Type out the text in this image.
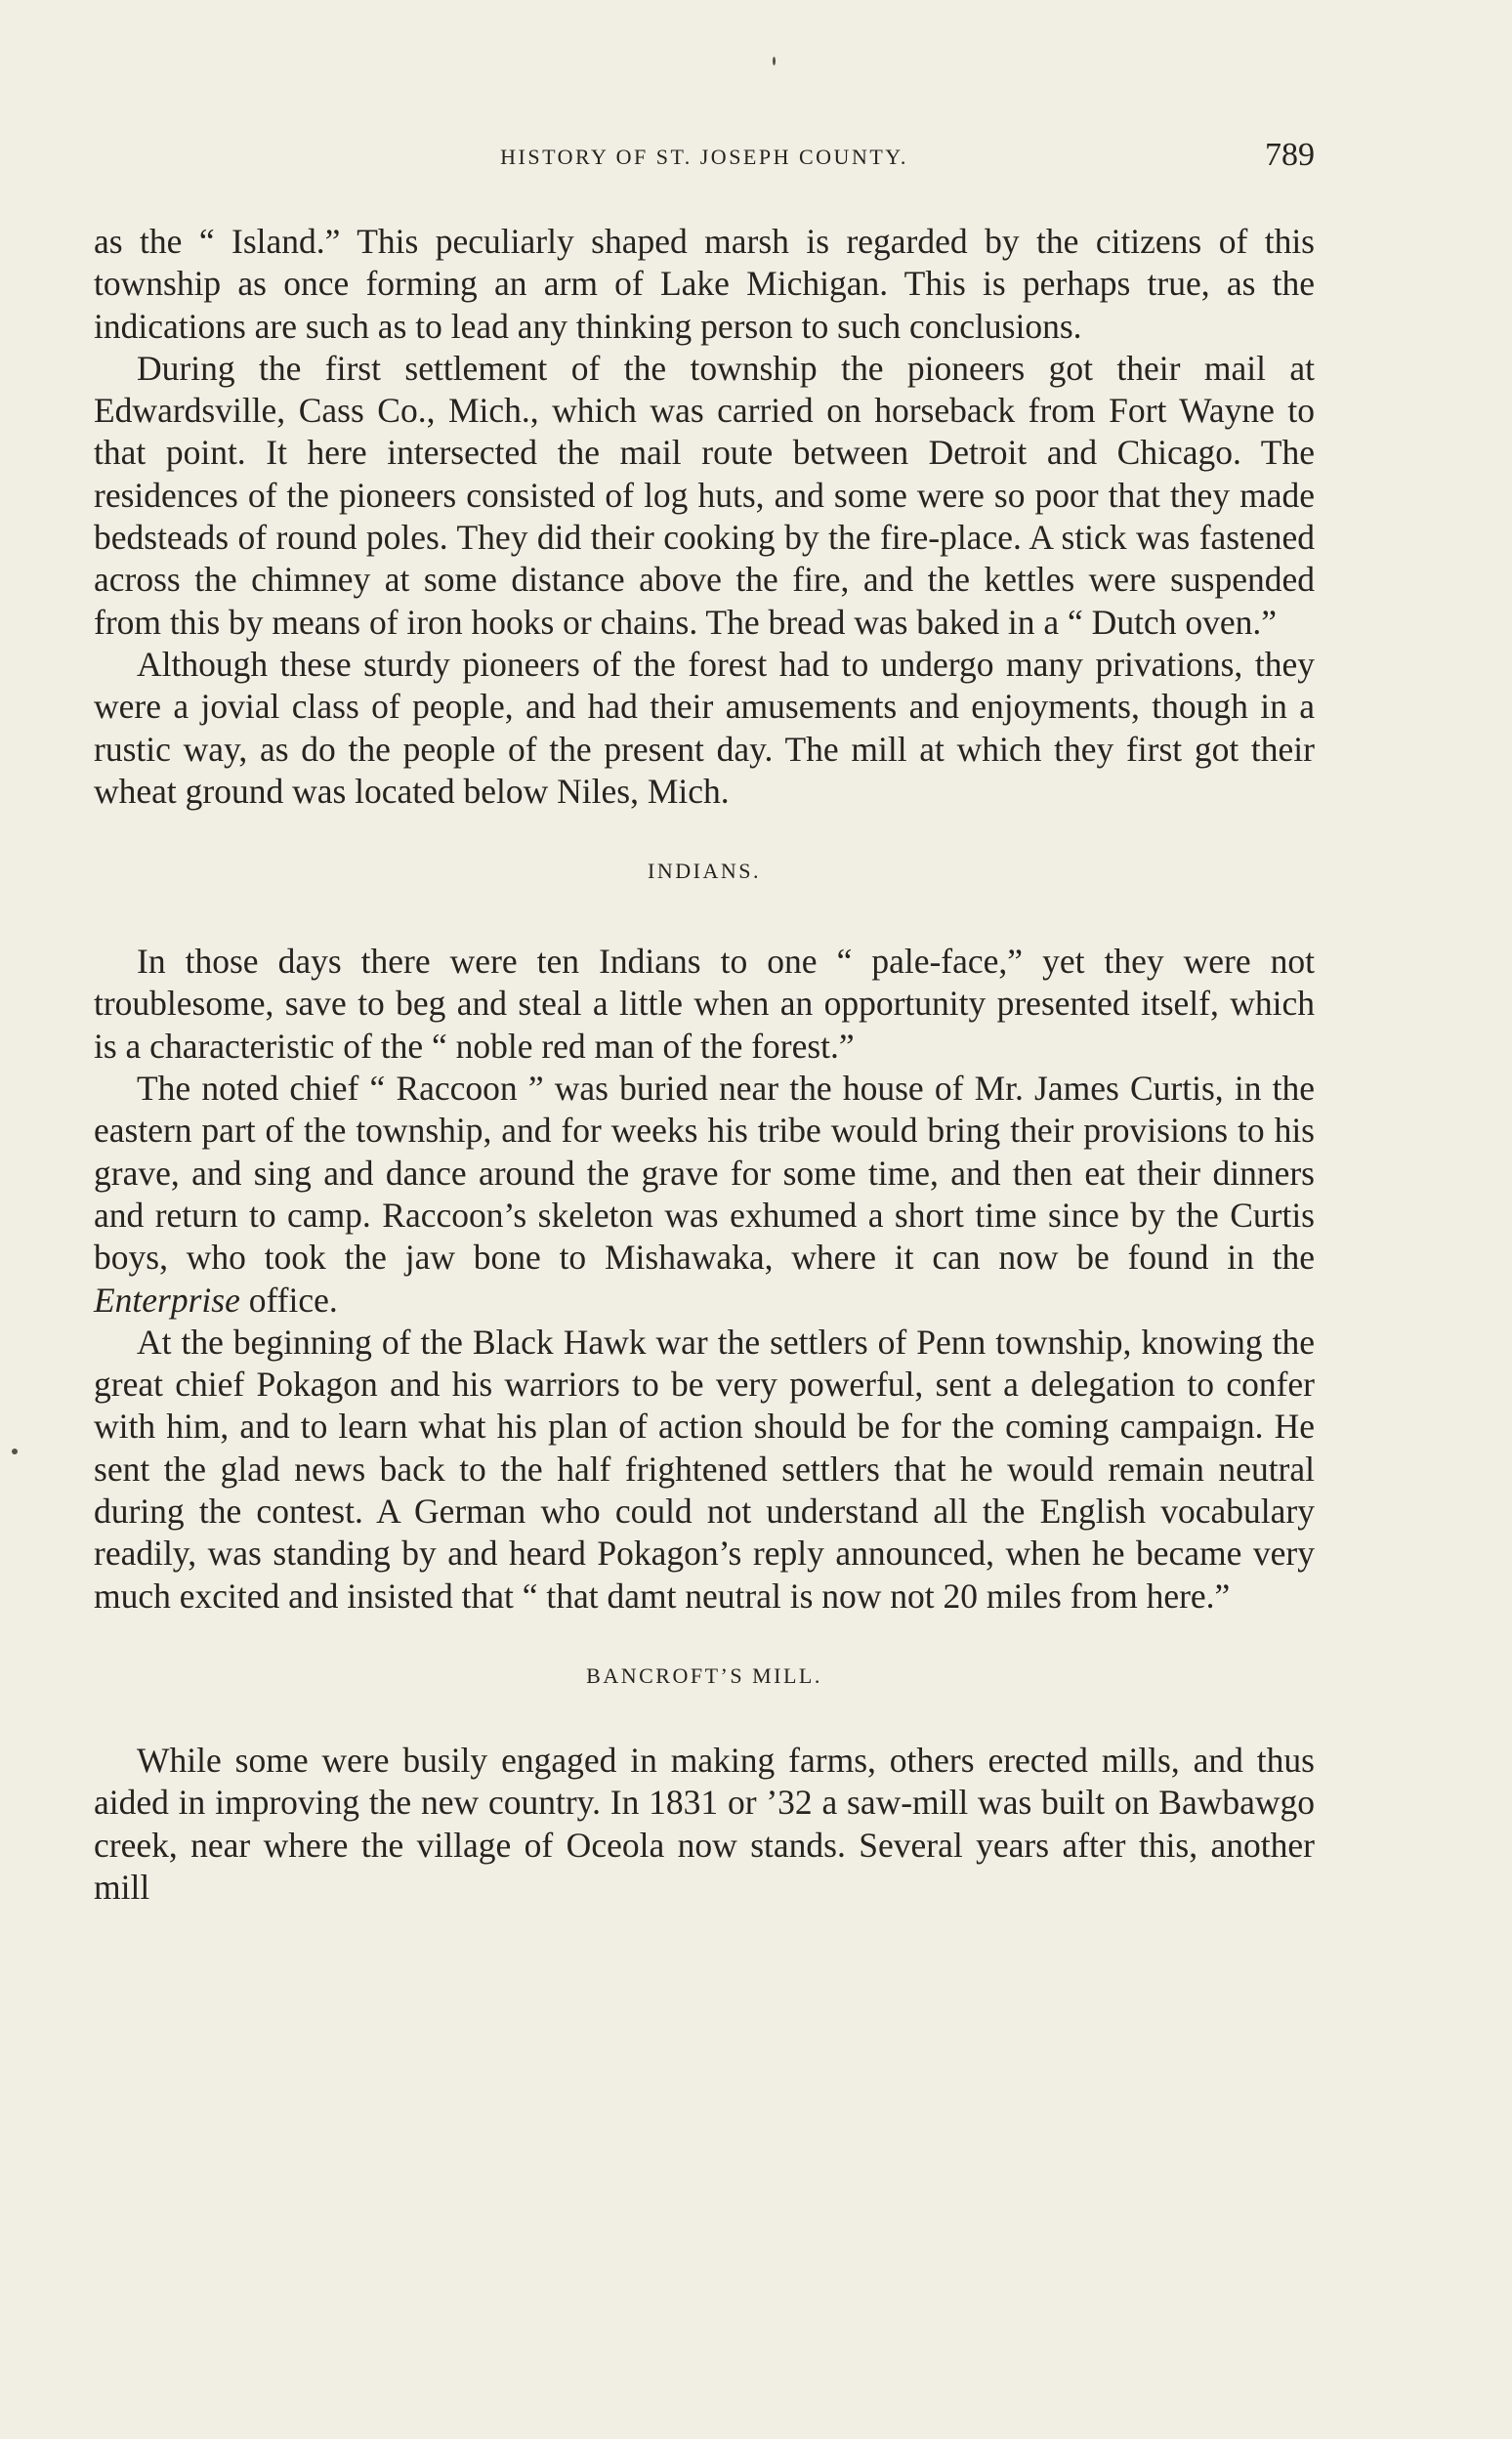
HISTORY OF ST. JOSEPH COUNTY.	789

as the “ Island.” This peculiarly shaped marsh is regarded by the citizens of this township as once forming an arm of Lake Michigan. This is perhaps true, as the indications are such as to lead any thinking person to such conclusions.

During the first settlement of the township the pioneers got their mail at Edwardsville, Cass Co., Mich., which was carried on horseback from Fort Wayne to that point. It here intersected the mail route between Detroit and Chicago. The residences of the pioneers consisted of log huts, and some were so poor that they made bedsteads of round poles. They did their cooking by the fire-place. A stick was fastened across the chimney at some distance above the fire, and the kettles were suspended from this by means of iron hooks or chains. The bread was baked in a “ Dutch oven.”

Although these sturdy pioneers of the forest had to undergo many privations, they were a jovial class of people, and had their amusements and enjoyments, though in a rustic way, as do the people of the present day. The mill at which they first got their wheat ground was located below Niles, Mich.

INDIANS.

In those days there were ten Indians to one “ pale-face,” yet they were not troublesome, save to beg and steal a little when an opportunity presented itself, which is a characteristic of the “ noble red man of the forest.”

The noted chief “ Raccoon ” was buried near the house of Mr. James Curtis, in the eastern part of the township, and for weeks his tribe would bring their provisions to his grave, and sing and dance around the grave for some time, and then eat their dinners and return to camp. Raccoon’s skeleton was exhumed a short time since by the Curtis boys, who took the jaw bone to Mishawaka, where it can now be found in the Enterprise office.

At the beginning of the Black Hawk war the settlers of Penn township, knowing the great chief Pokagon and his warriors to be very powerful, sent a delegation to confer with him, and to learn what his plan of action should be for the coming campaign. He sent the glad news back to the half frightened settlers that he would remain neutral during the contest. A German who could not understand all the English vocabulary readily, was standing by and heard Pokagon’s reply announced, when he became very much excited and insisted that “ that damt neutral is now not 20 miles from here.”

BANCROFT’S MILL.

While some were busily engaged in making farms, others erected mills, and thus aided in improving the new country. In 1831 or ’32 a saw-mill was built on Bawbawgo creek, near where the village of Oceola now stands. Several years after this, another mill
